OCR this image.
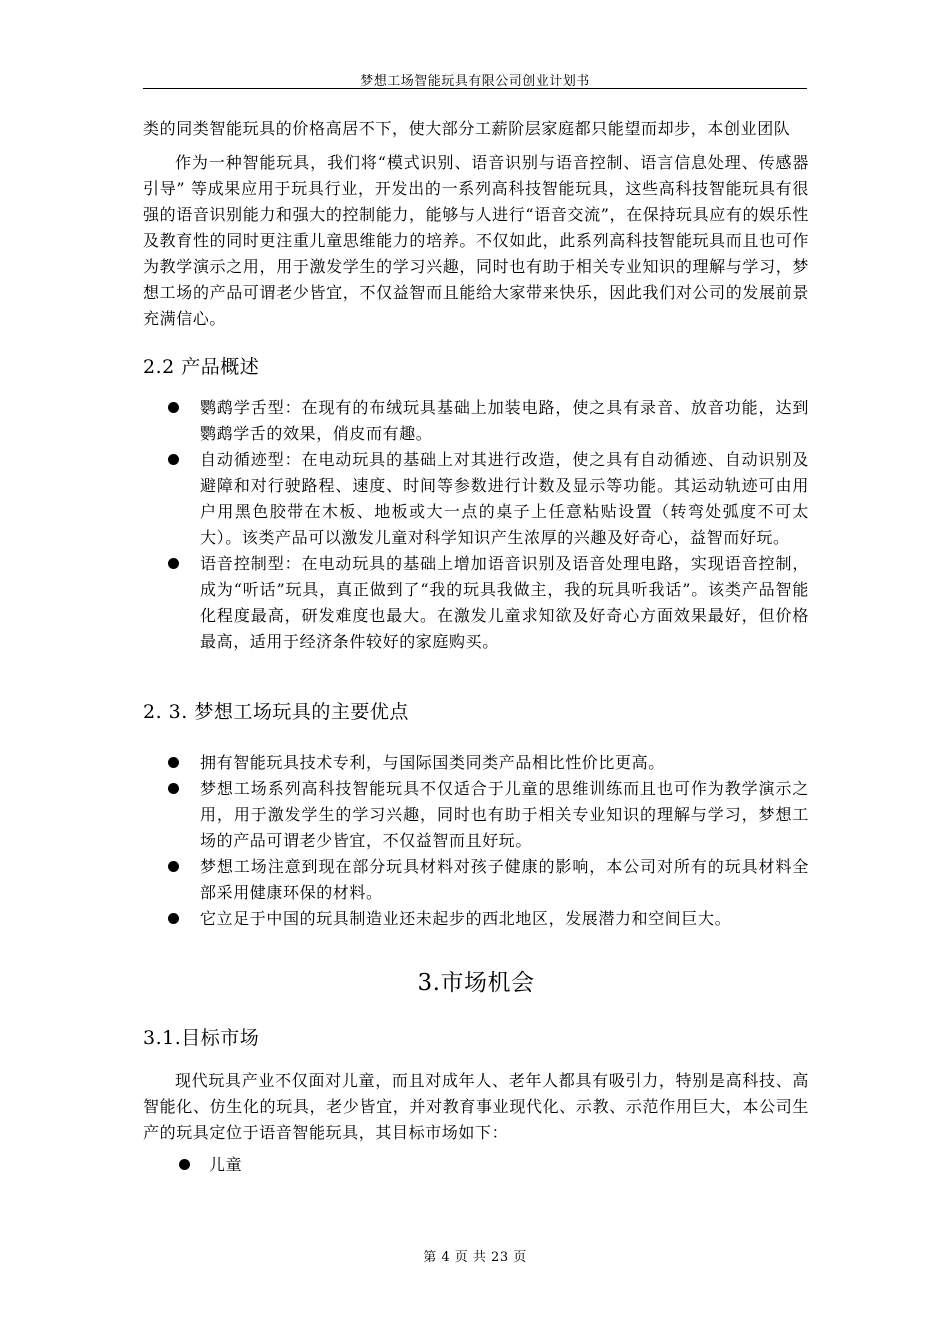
梦想工场智能玩具有限公司创业计划书

类的同类智能玩具的价格高居不下，使大部分工薪阶层家庭都只能望而却步，本创业团队

作为一种智能玩具，我们将“模式识别、语音识别与语音控制、语言信息处理、传感器引导” 等成果应用于玩具行业，开发出的一系列高科技智能玩具，这些高科技智能玩具有很强的语音识别能力和强大的控制能力，能够与人进行“语音交流”，在保持玩具应有的娱乐性及教育性的同时更注重儿童思维能力的培养。不仅如此，此系列高科技智能玩具而且也可作为教学演示之用，用于激发学生的学习兴趣，同时也有助于相关专业知识的理解与学习，梦想工场的产品可谓老少皆宜，不仅益智而且能给大家带来快乐，因此我们对公司的发展前景充满信心。

2.2 产品概述
鹦鹉学舌型：在现有的布绒玩具基础上加装电路，使之具有录音、放音功能，达到鹦鹉学舌的效果，俏皮而有趣。
自动循迹型：在电动玩具的基础上对其进行改造，使之具有自动循迹、自动识别及避障和对行驶路程、速度、时间等参数进行计数及显示等功能。其运动轨迹可由用户用黑色胶带在木板、地板或大一点的桌子上任意粘贴设置（转弯处弧度不可太大）。该类产品可以激发儿童对科学知识产生浓厚的兴趣及好奇心，益智而好玩。
语音控制型：在电动玩具的基础上增加语音识别及语音处理电路，实现语音控制，成为“听话”玩具，真正做到了“我的玩具我做主，我的玩具听我话”。该类产品智能化程度最高，研发难度也最大。在激发儿童求知欲及好奇心方面效果最好，但价格最高，适用于经济条件较好的家庭购买。
2. 3. 梦想工场玩具的主要优点
拥有智能玩具技术专利，与国际国类同类产品相比性价比更高。
梦想工场系列高科技智能玩具不仅适合于儿童的思维训练而且也可作为教学演示之用，用于激发学生的学习兴趣，同时也有助于相关专业知识的理解与学习，梦想工场的产品可谓老少皆宜，不仅益智而且好玩。
梦想工场注意到现在部分玩具材料对孩子健康的影响，本公司对所有的玩具材料全部采用健康环保的材料。
它立足于中国的玩具制造业还未起步的西北地区，发展潜力和空间巨大。
3.市场机会
3.1.目标市场

现代玩具产业不仅面对儿童，而且对成年人、老年人都具有吸引力，特别是高科技、高智能化、仿生化的玩具，老少皆宜，并对教育事业现代化、示教、示范作用巨大，本公司生产的玩具定位于语音智能玩具，其目标市场如下：

儿童
第 4 页 共 23 页
